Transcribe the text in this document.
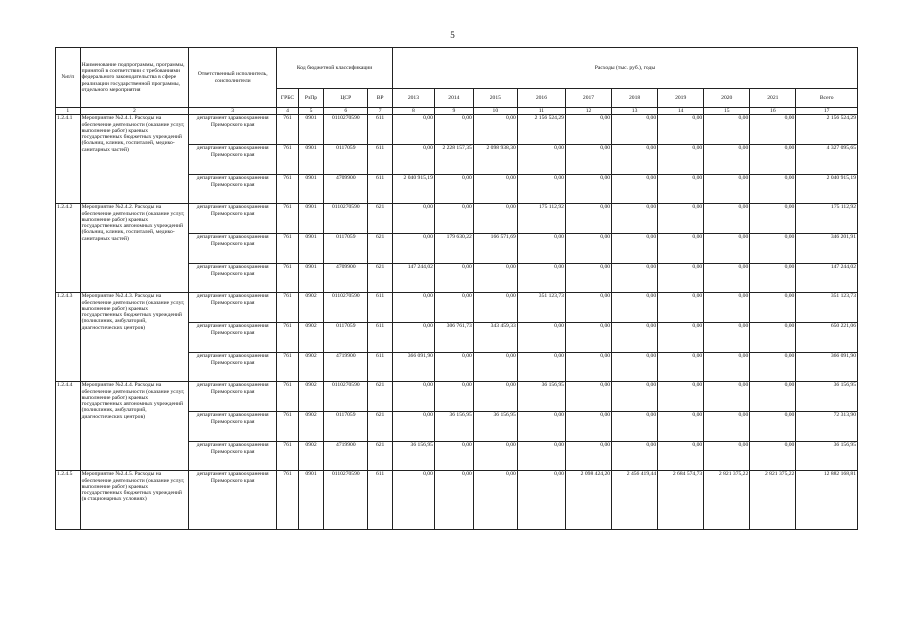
5
№п/п	Наименование подпрограммы, программы, принятой в соответствии с требованиями федерального законодательства в сфере реализации государственной программы, отдельного мероприятия	Ответственный исполнитель, соисполнители	Код бюджетной классификации				Расходы (тыс. руб.), годы									
			ГРБС	РзПр	ЦСР	ВР	2013	2014	2015	2016	2017	2018	2019	2020	2021	Всего
1	2	3	4	5	6	7	8	9	10	11	12	13	14	15	16	17
1.2.4.1	Мероприятие №2.4.1. Расходы на обеспечение деятельности (оказание услуг, выполнение работ) краевых государственных бюджетных учреждений (больниц, клиник, госпиталей, медико-санитарных частей)	департамент здравоохранения Приморского края	761	0901	0110270590	611	0,00	0,00	0,00	2 156 524,29	0,00	0,00	0,00	0,00	0,00	2 156 524,29
		департамент здравоохранения Приморского края	761	0901	0117059	611	0,00	2 228 157,35	2 098 938,30	0,00	0,00	0,00	0,00	0,00	0,00	4 327 095,65
		департамент здравоохранения Приморского края	761	0901	4709900	611	2 040 915,19	0,00	0,00	0,00	0,00	0,00	0,00	0,00	0,00	2 040 915,19
1.2.4.2	Мероприятие №2.4.2. Расходы на обеспечение деятельности (оказание услуг, выполнение работ) краевых государственных автономных учреждений (больниц, клиник, госпиталей, медико-санитарных частей)	департамент здравоохранения Приморского края	761	0901	0110270590	621	0,00	0,00	0,00	175 112,92	0,00	0,00	0,00	0,00	0,00	175 112,92
		департамент здравоохранения Приморского края	761	0901	0117059	621	0,00	179 630,22	166 571,69	0,00	0,00	0,00	0,00	0,00	0,00	346 201,91
		департамент здравоохранения Приморского края	761	0901	4709900	621	147 244,02	0,00	0,00	0,00	0,00	0,00	0,00	0,00	0,00	147 244,02
1.2.4.3	Мероприятие №2.4.3. Расходы на обеспечение деятельности (оказание услуг, выполнение работ) краевых государственных бюджетных учреждений (поликлиник, амбулаторий, диагностических центров)	департамент здравоохранения Приморского края	761	0902	0110270590	611	0,00	0,00	0,00	351 123,73	0,00	0,00	0,00	0,00	0,00	351 123,73
		департамент здравоохранения Приморского края	761	0902	0117059	611	0,00	306 761,73	343 459,33	0,00	0,00	0,00	0,00	0,00	0,00	650 221,06
		департамент здравоохранения Приморского края	761	0902	4719900	611	366 091,90	0,00	0,00	0,00	0,00	0,00	0,00	0,00	0,00	366 091,90
1.2.4.4	Мероприятие №2.4.4. Расходы на обеспечение деятельности (оказание услуг, выполнение работ) краевых государственных автономных учреждений (поликлиник, амбулаторий, диагностических центров)	департамент здравоохранения Приморского края	761	0902	0110270590	621	0,00	0,00	0,00	36 156,95	0,00	0,00	0,00	0,00	0,00	36 156,95
		департамент здравоохранения Приморского края	761	0902	0117059	621	0,00	36 156,95	36 156,95	0,00	0,00	0,00	0,00	0,00	0,00	72 313,90
		департамент здравоохранения Приморского края	761	0902	4719900	621	36 156,95	0,00	0,00	0,00	0,00	0,00	0,00	0,00	0,00	36 156,95
1.2.4.5	Мероприятие №2.4.5. Расходы на обеспечение деятельности (оказание услуг, выполнение работ) краевых государственных бюджетных учреждений (в стационарных условиях)	департамент здравоохранения Приморского края	761	0901	0110270590	611	0,00	0,00	0,00	0,00	2 098 424,20	2 456 419,44	2 684 574,73	2 821 375,22	2 821 375,22	12 882 168,81
